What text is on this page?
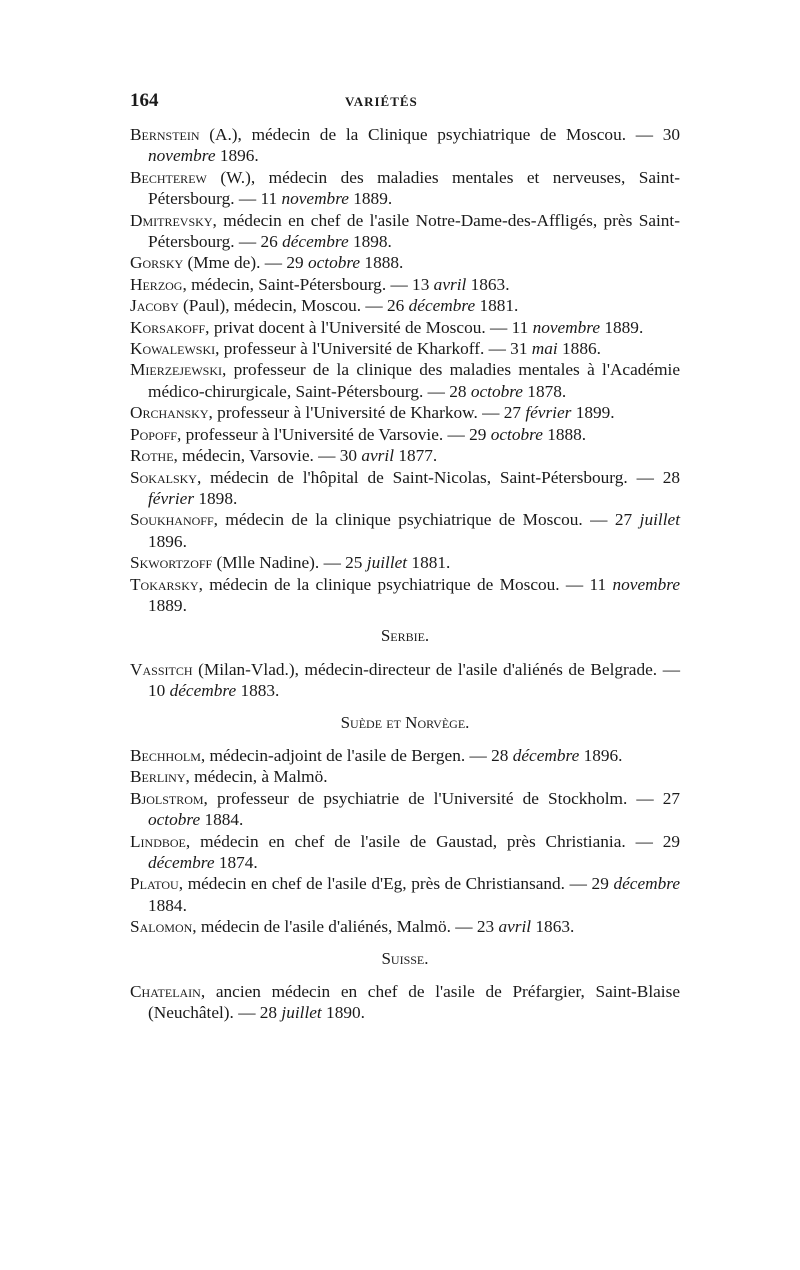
164	VARIÉTÉS

Bernstein (A.), médecin de la Clinique psychiatrique de Moscou. — 30 novembre 1896.

Bechterew (W.), médecin des maladies mentales et nerveuses, Saint-Pétersbourg. — 11 novembre 1889.

Dmitrevsky, médecin en chef de l'asile Notre-Dame-des-Affligés, près Saint-Pétersbourg. — 26 décembre 1898.

Gorsky (Mme de). — 29 octobre 1888.

Herzog, médecin, Saint-Pétersbourg. — 13 avril 1863.

Jacoby (Paul), médecin, Moscou. — 26 décembre 1881.

Korsakoff, privat docent à l'Université de Moscou. — 11 novembre 1889.

Kowalewski, professeur à l'Université de Kharkoff. — 31 mai 1886.

Mierzejewski, professeur de la clinique des maladies mentales à l'Académie médico-chirurgicale, Saint-Pétersbourg. — 28 octobre 1878.

Orchansky, professeur à l'Université de Kharkow. — 27 février 1899.

Popoff, professeur à l'Université de Varsovie. — 29 octobre 1888.

Rothe, médecin, Varsovie. — 30 avril 1877.

Sokalsky, médecin de l'hôpital de Saint-Nicolas, Saint-Pétersbourg. — 28 février 1898.

Soukhanoff, médecin de la clinique psychiatrique de Moscou. — 27 juillet 1896.

Skwortzoff (Mlle Nadine). — 25 juillet 1881.

Tokarsky, médecin de la clinique psychiatrique de Moscou. — 11 novembre 1889.

Serbie.

Vassitch (Milan-Vlad.), médecin-directeur de l'asile d'aliénés de Belgrade. — 10 décembre 1883.

Suède et Norvège.

Bechholm, médecin-adjoint de l'asile de Bergen. — 28 décembre 1896.

Berliny, médecin, à Malmö.

Bjolstrom, professeur de psychiatrie de l'Université de Stockholm. — 27 octobre 1884.

Lindboe, médecin en chef de l'asile de Gaustad, près Christiania. — 29 décembre 1874.

Platou, médecin en chef de l'asile d'Eg, près de Christiansand. — 29 décembre 1884.

Salomon, médecin de l'asile d'aliénés, Malmö. — 23 avril 1863.

Suisse.

Chatelain, ancien médecin en chef de l'asile de Préfargier, Saint-Blaise (Neuchâtel). — 28 juillet 1890.
